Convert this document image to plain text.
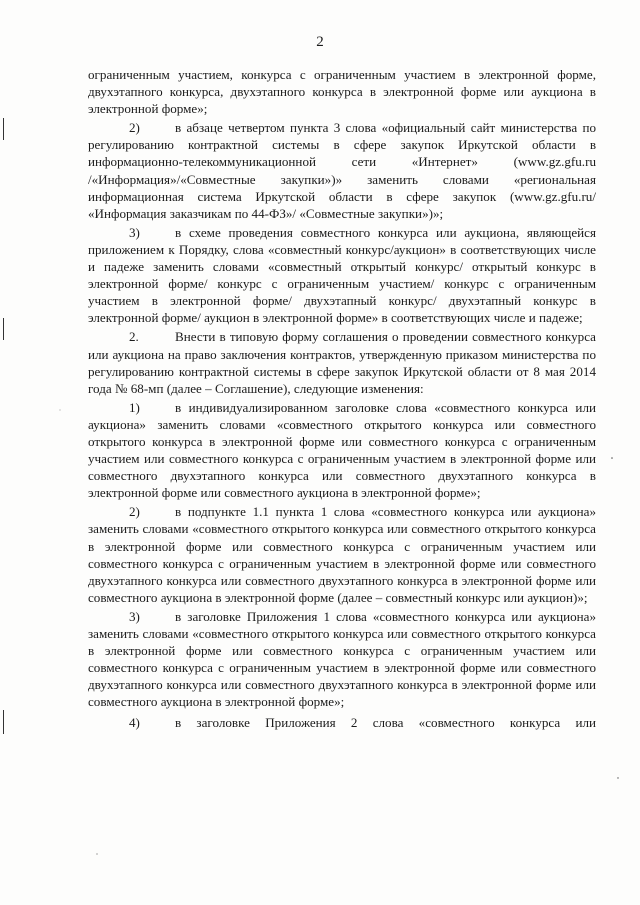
2

ограниченным участием, конкурса с ограниченным участием в электронной форме, двухэтапного конкурса, двухэтапного конкурса в электронной форме или аукциона в электронной форме»;

2)	в абзаце четвертом пункта 3 слова «официальный сайт министерства по регулированию контрактной системы в сфере закупок Иркутской области в информационно-телекоммуникационной сети «Интернет» (www.gz.gfu.ru /«Информация»/«Совместные закупки»)» заменить словами «региональная информационная система Иркутской области в сфере закупок (www.gz.gfu.ru/ «Информация заказчикам по 44-ФЗ»/ «Совместные закупки»)»;

3)	в схеме проведения совместного конкурса или аукциона, являющейся приложением к Порядку, слова «совместный конкурс/аукцион» в соответствующих числе и падеже заменить словами «совместный открытый конкурс/ открытый конкурс в электронной форме/ конкурс с ограниченным участием/ конкурс с ограниченным участием в электронной форме/ двухэтапный конкурс/ двухэтапный конкурс в электронной форме/ аукцион в электронной форме» в соответствующих числе и падеже;

2.	Внести в типовую форму соглашения о проведении совместного конкурса или аукциона на право заключения контрактов, утвержденную приказом министерства по регулированию контрактной системы в сфере закупок Иркутской области от 8 мая 2014 года № 68-мп (далее – Соглашение), следующие изменения:

1)	в индивидуализированном заголовке слова «совместного конкурса или аукциона» заменить словами «совместного открытого конкурса или совместного открытого конкурса в электронной форме или совместного конкурса с ограниченным участием или совместного конкурса с ограниченным участием в электронной форме или совместного двухэтапного конкурса или совместного двухэтапного конкурса в электронной форме или совместного аукциона в электронной форме»;

2)	в подпункте 1.1 пункта 1 слова «совместного конкурса или аукциона» заменить словами «совместного открытого конкурса или совместного открытого конкурса в электронной форме или совместного конкурса с ограниченным участием или совместного конкурса с ограниченным участием в электронной форме или совместного двухэтапного конкурса или совместного двухэтапного конкурса в электронной форме или совместного аукциона в электронной форме (далее – совместный конкурс или аукцион)»;

3)	в заголовке Приложения 1 слова «совместного конкурса или аукциона» заменить словами «совместного открытого конкурса или совместного открытого конкурса в электронной форме или совместного конкурса с ограниченным участием или совместного конкурса с ограниченным участием в электронной форме или совместного двухэтапного конкурса или совместного двухэтапного конкурса в электронной форме или совместного аукциона в электронной форме»;

4)	в заголовке Приложения 2 слова «совместного конкурса или
